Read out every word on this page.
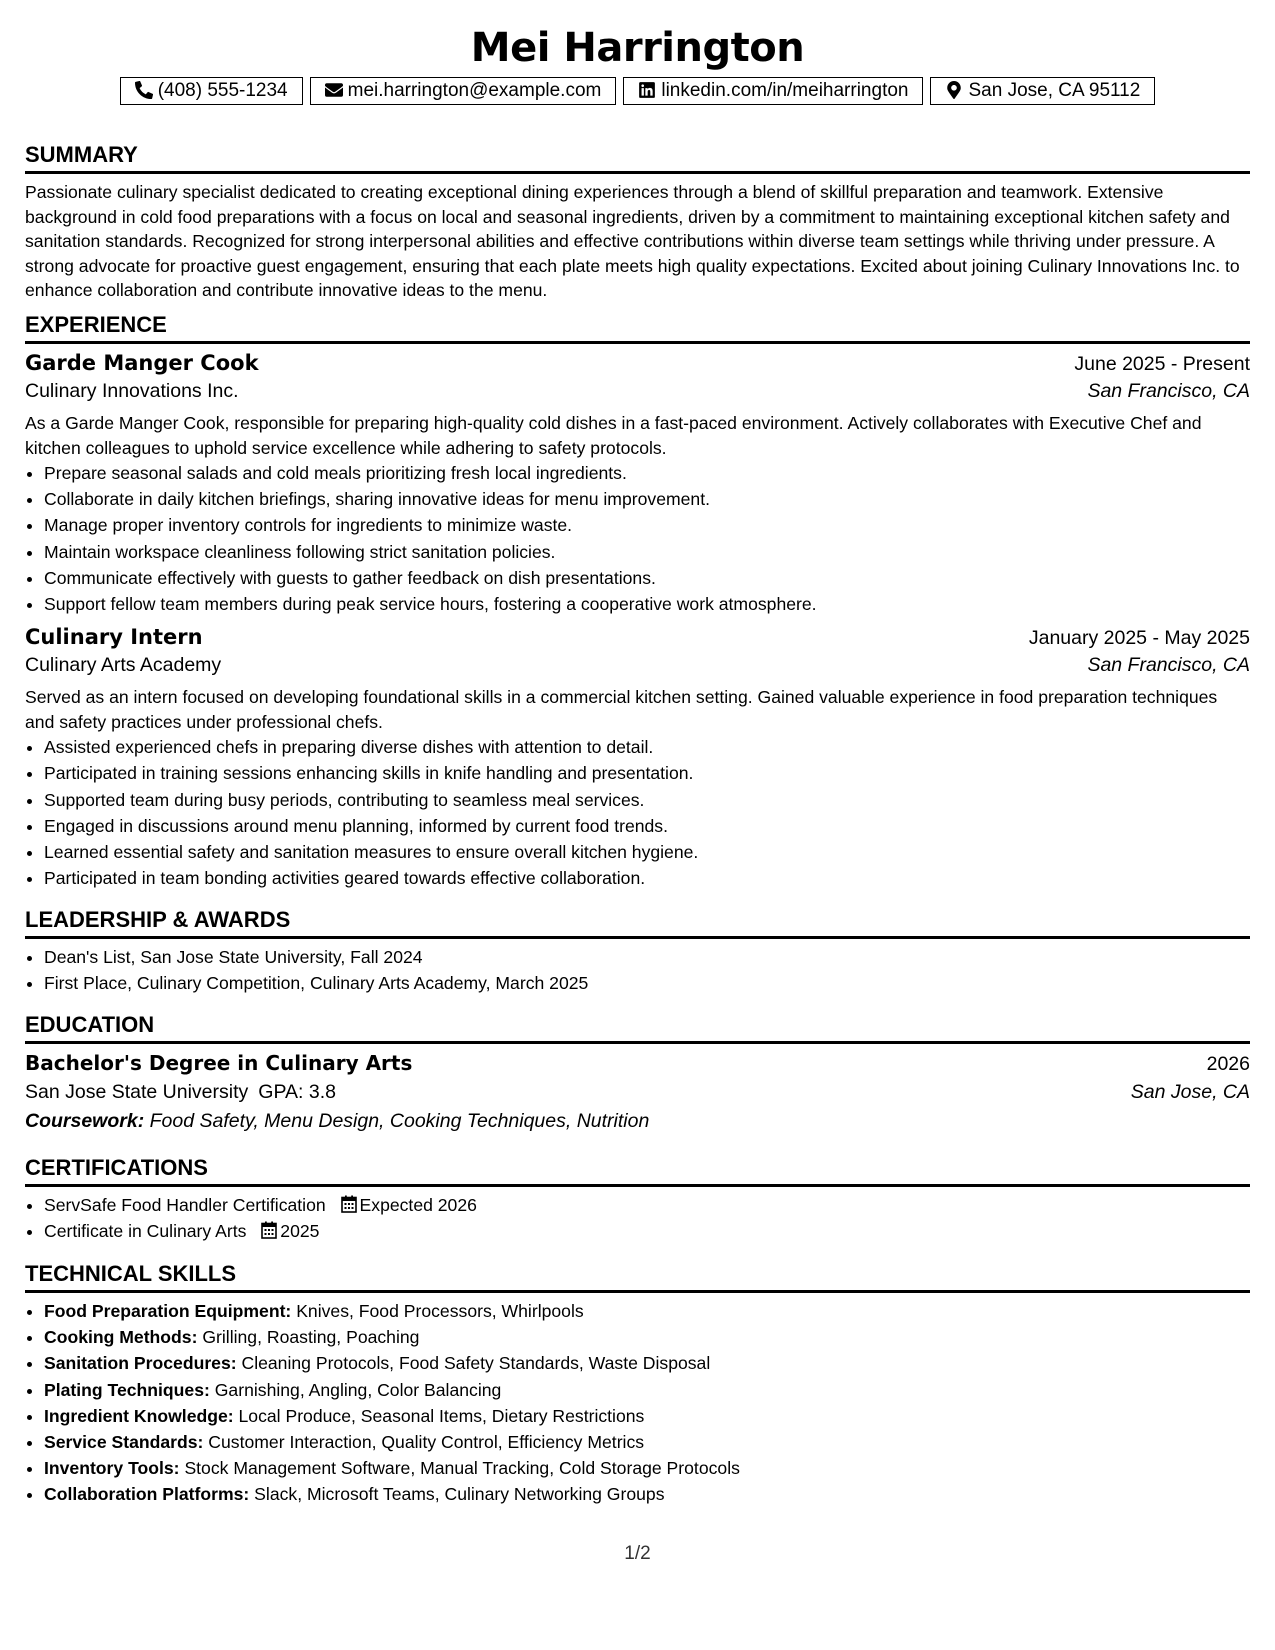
Mei Harrington
(408) 555-1234	mei.harrington@example.com	linkedin.com/in/meiharrington	San Jose, CA 95112
SUMMARY
Passionate culinary specialist dedicated to creating exceptional dining experiences through a blend of skillful preparation and teamwork. Extensive background in cold food preparations with a focus on local and seasonal ingredients, driven by a commitment to maintaining exceptional kitchen safety and sanitation standards. Recognized for strong interpersonal abilities and effective contributions within diverse team settings while thriving under pressure. A strong advocate for proactive guest engagement, ensuring that each plate meets high quality expectations. Excited about joining Culinary Innovations Inc. to enhance collaboration and contribute innovative ideas to the menu.
EXPERIENCE
Garde Manger Cook	June 2025 - Present
Culinary Innovations Inc.	San Francisco, CA
As a Garde Manger Cook, responsible for preparing high-quality cold dishes in a fast-paced environment. Actively collaborates with Executive Chef and kitchen colleagues to uphold service excellence while adhering to safety protocols.
• Prepare seasonal salads and cold meals prioritizing fresh local ingredients.
• Collaborate in daily kitchen briefings, sharing innovative ideas for menu improvement.
• Manage proper inventory controls for ingredients to minimize waste.
• Maintain workspace cleanliness following strict sanitation policies.
• Communicate effectively with guests to gather feedback on dish presentations.
• Support fellow team members during peak service hours, fostering a cooperative work atmosphere.
Culinary Intern	January 2025 - May 2025
Culinary Arts Academy	San Francisco, CA
Served as an intern focused on developing foundational skills in a commercial kitchen setting. Gained valuable experience in food preparation techniques and safety practices under professional chefs.
• Assisted experienced chefs in preparing diverse dishes with attention to detail.
• Participated in training sessions enhancing skills in knife handling and presentation.
• Supported team during busy periods, contributing to seamless meal services.
• Engaged in discussions around menu planning, informed by current food trends.
• Learned essential safety and sanitation measures to ensure overall kitchen hygiene.
• Participated in team bonding activities geared towards effective collaboration.
LEADERSHIP & AWARDS
• Dean's List, San Jose State University, Fall 2024
• First Place, Culinary Competition, Culinary Arts Academy, March 2025
EDUCATION
Bachelor's Degree in Culinary Arts	2026
San Jose State University GPA: 3.8	San Jose, CA
Coursework: Food Safety, Menu Design, Cooking Techniques, Nutrition
CERTIFICATIONS
• ServSafe Food Handler Certification Expected 2026
• Certificate in Culinary Arts 2025
TECHNICAL SKILLS
• Food Preparation Equipment: Knives, Food Processors, Whirlpools
• Cooking Methods: Grilling, Roasting, Poaching
• Sanitation Procedures: Cleaning Protocols, Food Safety Standards, Waste Disposal
• Plating Techniques: Garnishing, Angling, Color Balancing
• Ingredient Knowledge: Local Produce, Seasonal Items, Dietary Restrictions
• Service Standards: Customer Interaction, Quality Control, Efficiency Metrics
• Inventory Tools: Stock Management Software, Manual Tracking, Cold Storage Protocols
• Collaboration Platforms: Slack, Microsoft Teams, Culinary Networking Groups
1/2
